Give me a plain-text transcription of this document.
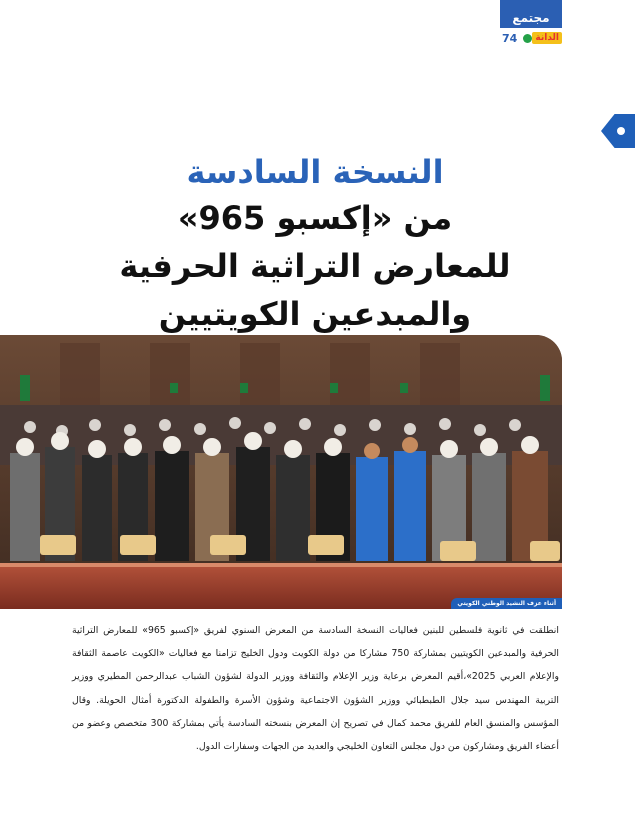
مجتمع
74	الدانة
النسخة السادسة
من «إكسبو 965»
للمعارض التراثية الحرفية
والمبدعين الكويتيين
أثناء عزف النشيد الوطني الكويتي

انطلقت في ثانوية فلسطين للبنين فعاليات النسخة السادسة من المعرض السنوي لفريق «إكسبو 965» للمعارض التراثية الحرفية والمبدعين الكويتيين بمشاركة 750 مشاركا من دولة الكويت ودول الخليج تزامنا مع فعاليات «الكويت عاصمة الثقافة والإعلام العربي 2025»،أقيم المعرض برعاية وزير الإعلام والثقافة ووزير الدولة لشؤون الشباب عبدالرحمن المطيري ووزير التربية المهندس سيد جلال الطبطبائي ووزير الشؤون الاجتماعية وشؤون الأسرة والطفولة الدكتورة أمثال الحويلة. وقال المؤسس والمنسق العام للفريق محمد كمال في تصريح إن المعرض بنسخته السادسة يأتي بمشاركة 300 متخصص وعضو من أعضاء الفريق ومشاركون من دول مجلس التعاون الخليجي والعديد من الجهات وسفارات الدول.
